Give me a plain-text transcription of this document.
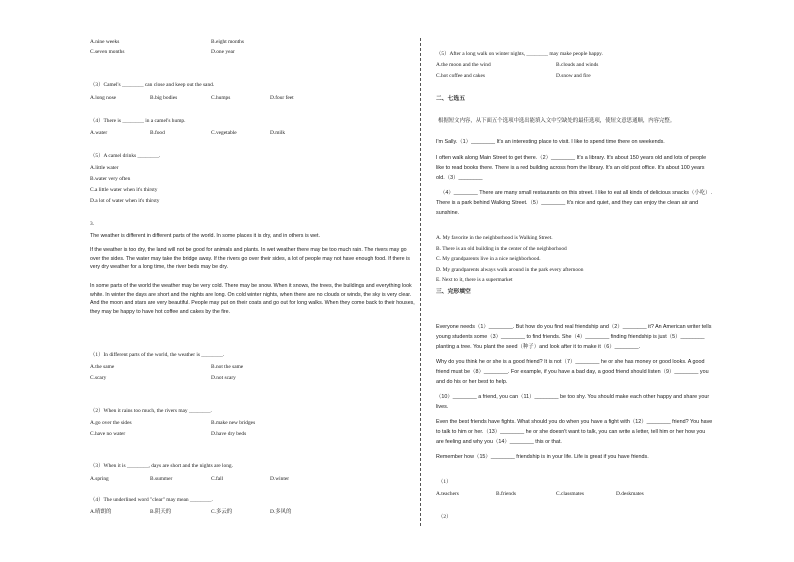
A.nine weeks	B.eight months
C.seven months	D.one year
（3）Camel's ________ can close and keep out the sand.
A.long nose	B.big bodies	C.humps	D.four feet
（4）There is ________ in a camel's hump.
A.water	B.food	C.vegetable	D.milk
（5）A camel drinks ________.
A.little water
B.water very often
C.a little water when it's thirsty
D.a lot of water when it's thirsty
3.
The weather is different in different parts of the world. In some places it is dry, and in others is wet.
If the weather is too dry, the land will not be good for animals and plants. In wet weather there may be too much rain. The rivers may go over the sides. The water may take the bridge away. If the rivers go over their sides, a lot of people may not have enough food. If there is very dry weather for a long time, the river beds may be dry.
In some parts of the world the weather may be very cold. There may be snow. When it snows, the trees, the buildings and everything look white. In winter the days are short and the nights are long. On cold winter nights, when there are no clouds or winds, the sky is very clear. And the moon and stars are very beautiful. People may put on their coats and go out for long walks. When they come back to their houses, they may be happy to have hot coffee and cakes by the fire.
（1）In different parts of the world, the weather is ________.
A.the same	B.not the same
C.scary	D.not scary
（2）When it rains too much, the rivers may ________.
A.go over the sides	B.make new bridges
C.have no water	D.have dry beds
（3）When it is ________, days are short and the nights are long.
A.spring	B.summer	C.fall	D.winter
（4）The underlined word "clear" may mean ________.
A.晴朗的	B.阴天的	C.多云的	D.多风的
（5）After a long walk on winter nights, ________ may make people happy.
A.the moon and the wind	B.clouds and winds
C.hot coffee and cakes	D.snow and fire
二、七选五
根据短文内容，从下面五个选项中选出能填入文中空缺处的最佳选项，使短文意思通顺，内容完整。
I'm Sally.（1）________ It's an interesting place to visit. I like to spend time there on weekends.
I often walk along Main Street to get there.（2）________ It's a library. It's about 150 years old and lots of people
like to read books there. There is a red building across from the library. It's an old post office. It's about 100 years
old.（3）________
（4）________ There are many small restaurants on this street. I like to eat all kinds of delicious snacks（小吃）.
There is a park behind Walking Street.（5）________ It's nice and quiet, and they can enjoy the clean air and
sunshine.
A. My favorite in the neighborhood is Walking Street.
B. There is an old building in the center of the neighborhood
C. My grandparents live in a nice neighborhood.
D. My grandparents always walk around in the park every afternoon
E. Next to it, there is a supermarket
三、完形填空
Everyone needs（1）________. But how do you find real friendship and（2）________ it? An American writer tells
young students some（3）________ to find friends. She（4）________ finding friendship is just（5）________
planting a tree. You plant the seed（种子）and look after it to make it（6）________.
Why do you think he or she is a good friend? It is not（7）________ he or she has money or good looks. A good
friend must be（8）________. For example, if you have a bad day, a good friend should listen（9）________ you
and do his or her best to help.
（10）________ a friend, you can（11）________ be too shy. You should make each other happy and share your
lives.
Even the best friends have fights. What should you do when you have a fight with（12）________ friend? You have
to talk to him or her.（13）________ he or she doesn't want to talk, you can write a letter, tell him or her how you
are feeling and why you（14）________ this or that.
Remember how（15）________ friendship is in your life. Life is great if you have friends.
（1）
A.teachers	B.friends	C.classmates	D.deskmates
（2）
